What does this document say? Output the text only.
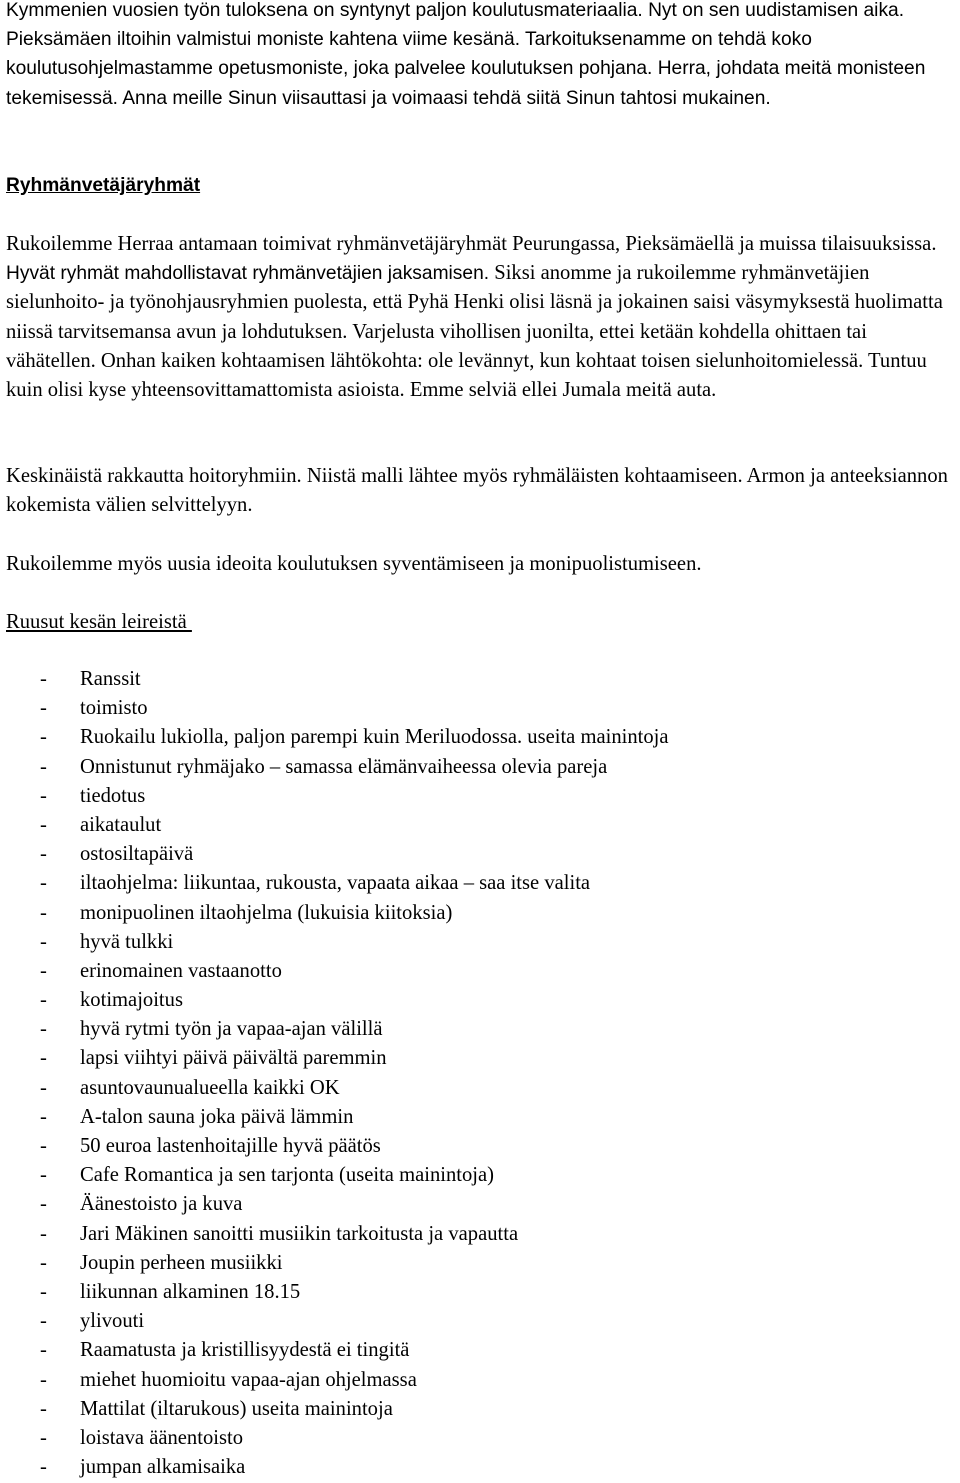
Kymmenien vuosien työn tuloksena on syntynyt paljon koulutusmateriaalia. Nyt on sen uudistamisen aika. Pieksämäen iltoihin valmistui moniste kahtena viime kesänä. Tarkoituksenamme on tehdä koko koulutusohjelmastamme opetusmoniste, joka palvelee koulutuksen pohjana. Herra, johdata meitä monisteen tekemisessä. Anna meille Sinun viisauttasi ja voimaasi tehdä siitä Sinun tahtosi mukainen.

Ryhmänvetäjäryhmät

Rukoilemme Herraa antamaan toimivat ryhmänvetäjäryhmät Peurungassa, Pieksämäellä ja muissa tilaisuuksissa. Hyvät ryhmät mahdollistavat ryhmänvetäjien jaksamisen. Siksi anomme ja rukoilemme ryhmänvetäjien sielunhoito- ja työnohjausryhmien puolesta, että Pyhä Henki olisi läsnä ja jokainen saisi väsymyksestä huolimatta niissä tarvitsemansa avun ja lohdutuksen. Varjelusta vihollisen juonilta, ettei ketään kohdella ohittaen tai vähätellen. Onhan kaiken kohtaamisen lähtökohta: ole levännyt, kun kohtaat toisen sielunhoitomielessä. Tuntuu kuin olisi kyse yhteensovittamattomista asioista. Emme selviä ellei Jumala meitä auta.

Keskinäistä rakkautta hoitoryhmiin. Niistä malli lähtee myös ryhmäläisten kohtaamiseen. Armon ja anteeksiannon kokemista välien selvittelyyn.

Rukoilemme myös uusia ideoita koulutuksen syventämiseen ja monipuolistumiseen.

Ruusut kesän leireistä
- Ranssit
- toimisto
- Ruokailu lukiolla, paljon parempi kuin Meriluodossa. useita mainintoja
- Onnistunut ryhmäjako – samassa elämänvaiheessa olevia pareja
- tiedotus
- aikataulut
- ostosiltapäivä
- iltaohjelma: liikuntaa, rukousta, vapaata aikaa – saa itse valita
- monipuolinen iltaohjelma (lukuisia kiitoksia)
- hyvä tulkki
- erinomainen vastaanotto
- kotimajoitus
- hyvä rytmi työn ja vapaa-ajan välillä
- lapsi viihtyi päivä päivältä paremmin
- asuntovaunualueella kaikki OK
- A-talon sauna joka päivä lämmin
- 50 euroa lastenhoitajille hyvä päätös
- Cafe Romantica ja sen tarjonta (useita mainintoja)
- Äänestoisto ja kuva
- Jari Mäkinen sanoitti musiikin tarkoitusta ja vapautta
- Joupin perheen musiikki
- liikunnan alkaminen 18.15
- ylivouti
- Raamatusta ja kristillisyydestä ei tingitä
- miehet huomioitu vapaa-ajan ohjelmassa
- Mattilat (iltarukous) useita mainintoja
- loistava äänentoisto
- jumpan alkamisaika
